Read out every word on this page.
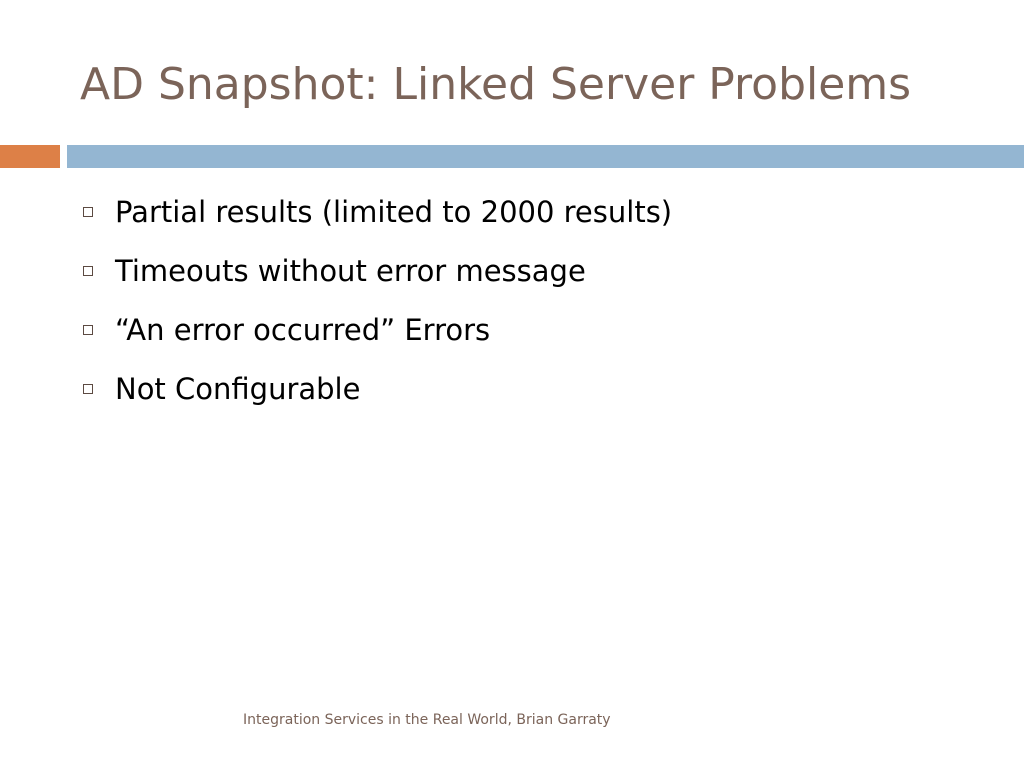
AD Snapshot: Linked Server Problems
Partial results (limited to 2000 results)
Timeouts without error message
“An error occurred” Errors
Not Configurable
Integration Services in the Real World, Brian Garraty
